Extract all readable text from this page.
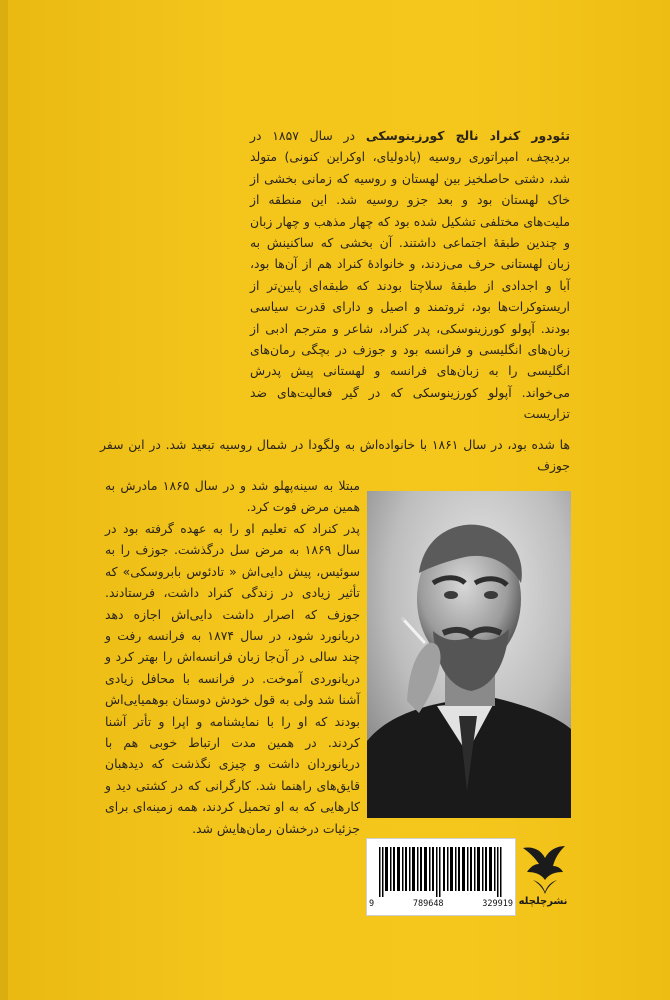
تئودور کنراد نالچ کورزینوسکی در سال ۱۸۵۷ در بردیچف، امپراتوری روسیه (پادولیای، اوکراین کنونی) متولد شد، دشتی حاصلخیز بین لهستان و روسیه که زمانی بخشی از خاک لهستان بود و بعد جزو روسیه شد. این منطقه از ملیت‌های مختلفی تشکیل شده بود که چهار مذهب و چهار زبان و چندین طبقهٔ اجتماعی داشتند. آن بخشی که ساکنینش به زبان لهستانی حرف می‌زدند، و خانوادهٔ کنراد هم از آن‌ها بود، آبا و اجدادی از طبقهٔ سلاچتا بودند که طبقه‌ای پایین‌تر از اریستوکرات‌ها بود، ثروتمند و اصیل و دارای قدرت سیاسی بودند. آپولو کورزینوسکی، پدر کنراد، شاعر و مترجم ادبی از زبان‌های انگلیسی و فرانسه بود و جوزف در بچگی رمان‌های انگلیسی را به زبان‌های فرانسه و لهستانی پیش پدرش می‌خواند. آپولو کورزینوسکی که در گیر فعالیت‌های ضد تزاریست
ها شده بود، در سال ۱۸۶۱ با خانواده‌اش به ولگودا در شمال روسیه تبعید شد. در این سفر جوزف
مبتلا به سینه‌پهلو شد و در سال ۱۸۶۵ مادرش به همین مرض فوت کرد.
پدر کنراد که تعلیم او را به عهده گرفته بود در سال ۱۸۶۹ به مرض سل درگذشت. جوزف را به سوئیس، پیش دایی‌اش « تادئوس بابروسکی» که تأثیر زیادی در زندگی کنراد داشت، فرستادند. جوزف که اصرار داشت دایی‌اش اجازه دهد دریانورد شود، در سال ۱۸۷۴ به فرانسه رفت و چند سالی در آن‌جا زبان فرانسه‌اش را بهتر کرد و دریانوردی آموخت. در فرانسه با محافل زیادی آشنا شد ولی به قول خودش دوستان بوهمیایی‌اش بودند که او را با نمایشنامه و اپرا و تأتر آشنا کردند. در همین مدت ارتباط خوبی هم با دریانوردان داشت و چیزی نگذشت که دیدهبان قایق‌های راهنما شد. کارگرانی که در کشتی دید و کارهایی که به او تحمیل کردند، همه زمینه‌ای برای جزئیات درخشان رمان‌هایش شد.
9	789648	329919 نشرچلچله
